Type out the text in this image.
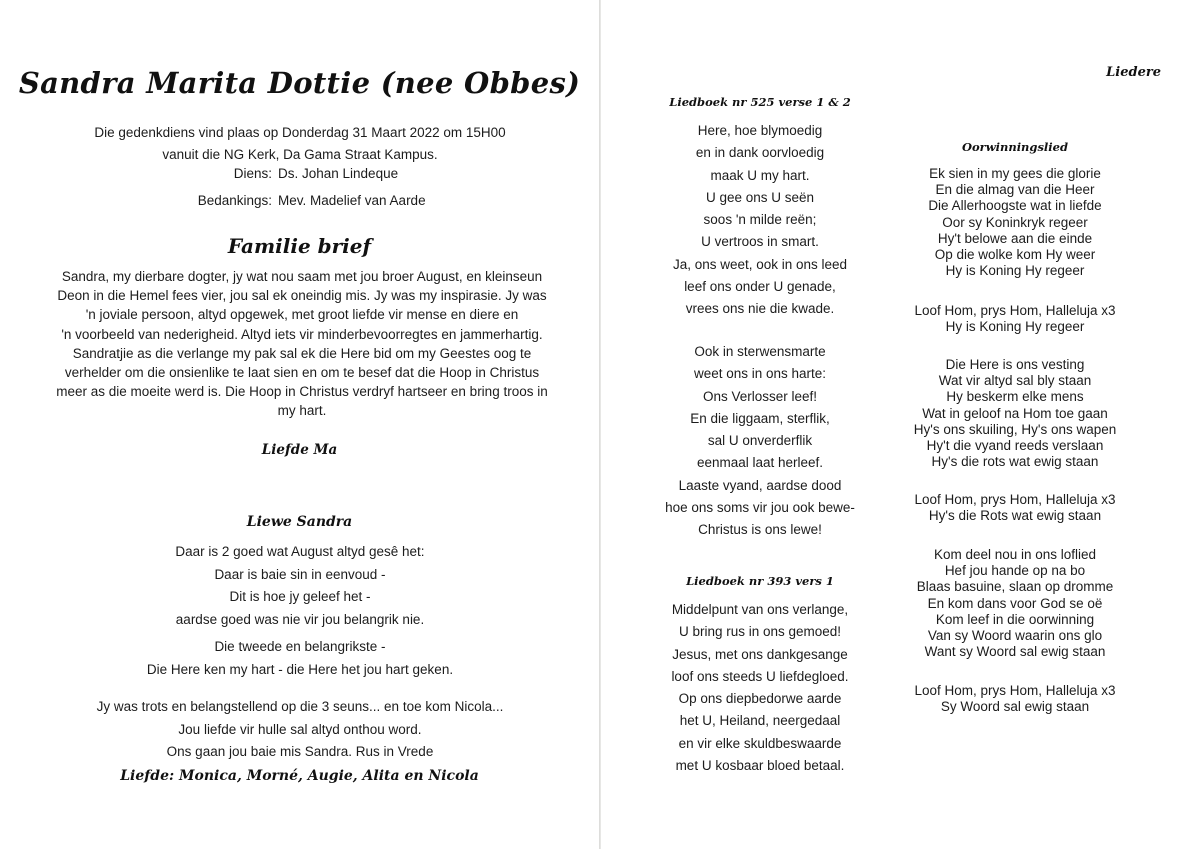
Sandra Marita Dottie (nee Obbes)
Die gedenkdiens vind plaas op Donderdag 31 Maart 2022 om 15H00
vanuit die NG Kerk, Da Gama Straat Kampus.
Diens: Ds. Johan Lindeque
Bedankings: Mev. Madelief van Aarde
Familie brief
Sandra, my dierbare dogter, jy wat nou saam met jou broer August, en kleinseun
Deon in die Hemel fees vier, jou sal ek oneindig mis. Jy was my inspirasie. Jy was
'n joviale persoon, altyd opgewek, met groot liefde vir mense en diere en
'n voorbeeld van nederigheid. Altyd iets vir minderbevoorregtes en jammerhartig.
Sandratjie as die verlange my pak sal ek die Here bid om my Geestes oog te
verhelder om die onsienlike te laat sien en om te besef dat die Hoop in Christus
meer as die moeite werd is. Die Hoop in Christus verdryf hartseer en bring troos in
my hart.
Liefde Ma
Liewe Sandra
Daar is 2 goed wat August altyd gesê het:
Daar is baie sin in eenvoud -
Dit is hoe jy geleef het -
aardse goed was nie vir jou belangrik nie.
Die tweede en belangrikste -
Die Here ken my hart - die Here het jou hart geken.
Jy was trots en belangstellend op die 3 seuns... en toe kom Nicola...
Jou liefde vir hulle sal altyd onthou word.
Ons gaan jou baie mis Sandra. Rus in Vrede
Liefde: Monica, Morné, Augie, Alita en Nicola
Liedere
Liedboek nr 525 verse 1 & 2
Here, hoe blymoedig
en in dank oorvloedig
maak U my hart.
U gee ons U seën
soos 'n milde reën;
U vertroos in smart.
Ja, ons weet, ook in ons leed
leef ons onder U genade,
vrees ons nie die kwade.
Ook in sterwensmarte
weet ons in ons harte:
Ons Verlosser leef!
En die liggaam, sterflik,
sal U onverderflik
eenmaal laat herleef.
Laaste vyand, aardse dood
hoe ons soms vir jou ook bewe-
Christus is ons lewe!
Liedboek nr 393 vers 1
Middelpunt van ons verlange,
U bring rus in ons gemoed!
Jesus, met ons dankgesange
loof ons steeds U liefdegloed.
Op ons diepbedorwe aarde
het U, Heiland, neergedaal
en vir elke skuldbeswaarde
met U kosbaar bloed betaal.
Oorwinningslied
Ek sien in my gees die glorie
En die almag van die Heer
Die Allerhoogste wat in liefde
Oor sy Koninkryk regeer
Hy't belowe aan die einde
Op die wolke kom Hy weer
Hy is Koning Hy regeer
Loof Hom, prys Hom, Halleluja x3
Hy is Koning Hy regeer
Die Here is ons vesting
Wat vir altyd sal bly staan
Hy beskerm elke mens
Wat in geloof na Hom toe gaan
Hy's ons skuiling, Hy's ons wapen
Hy't die vyand reeds verslaan
Hy's die rots wat ewig staan
Loof Hom, prys Hom, Halleluja x3
Hy's die Rots wat ewig staan
Kom deel nou in ons loflied
Hef jou hande op na bo
Blaas basuine, slaan op dromme
En kom dans voor God se oë
Kom leef in die oorwinning
Van sy Woord waarin ons glo
Want sy Woord sal ewig staan
Loof Hom, prys Hom, Halleluja x3
Sy Woord sal ewig staan
